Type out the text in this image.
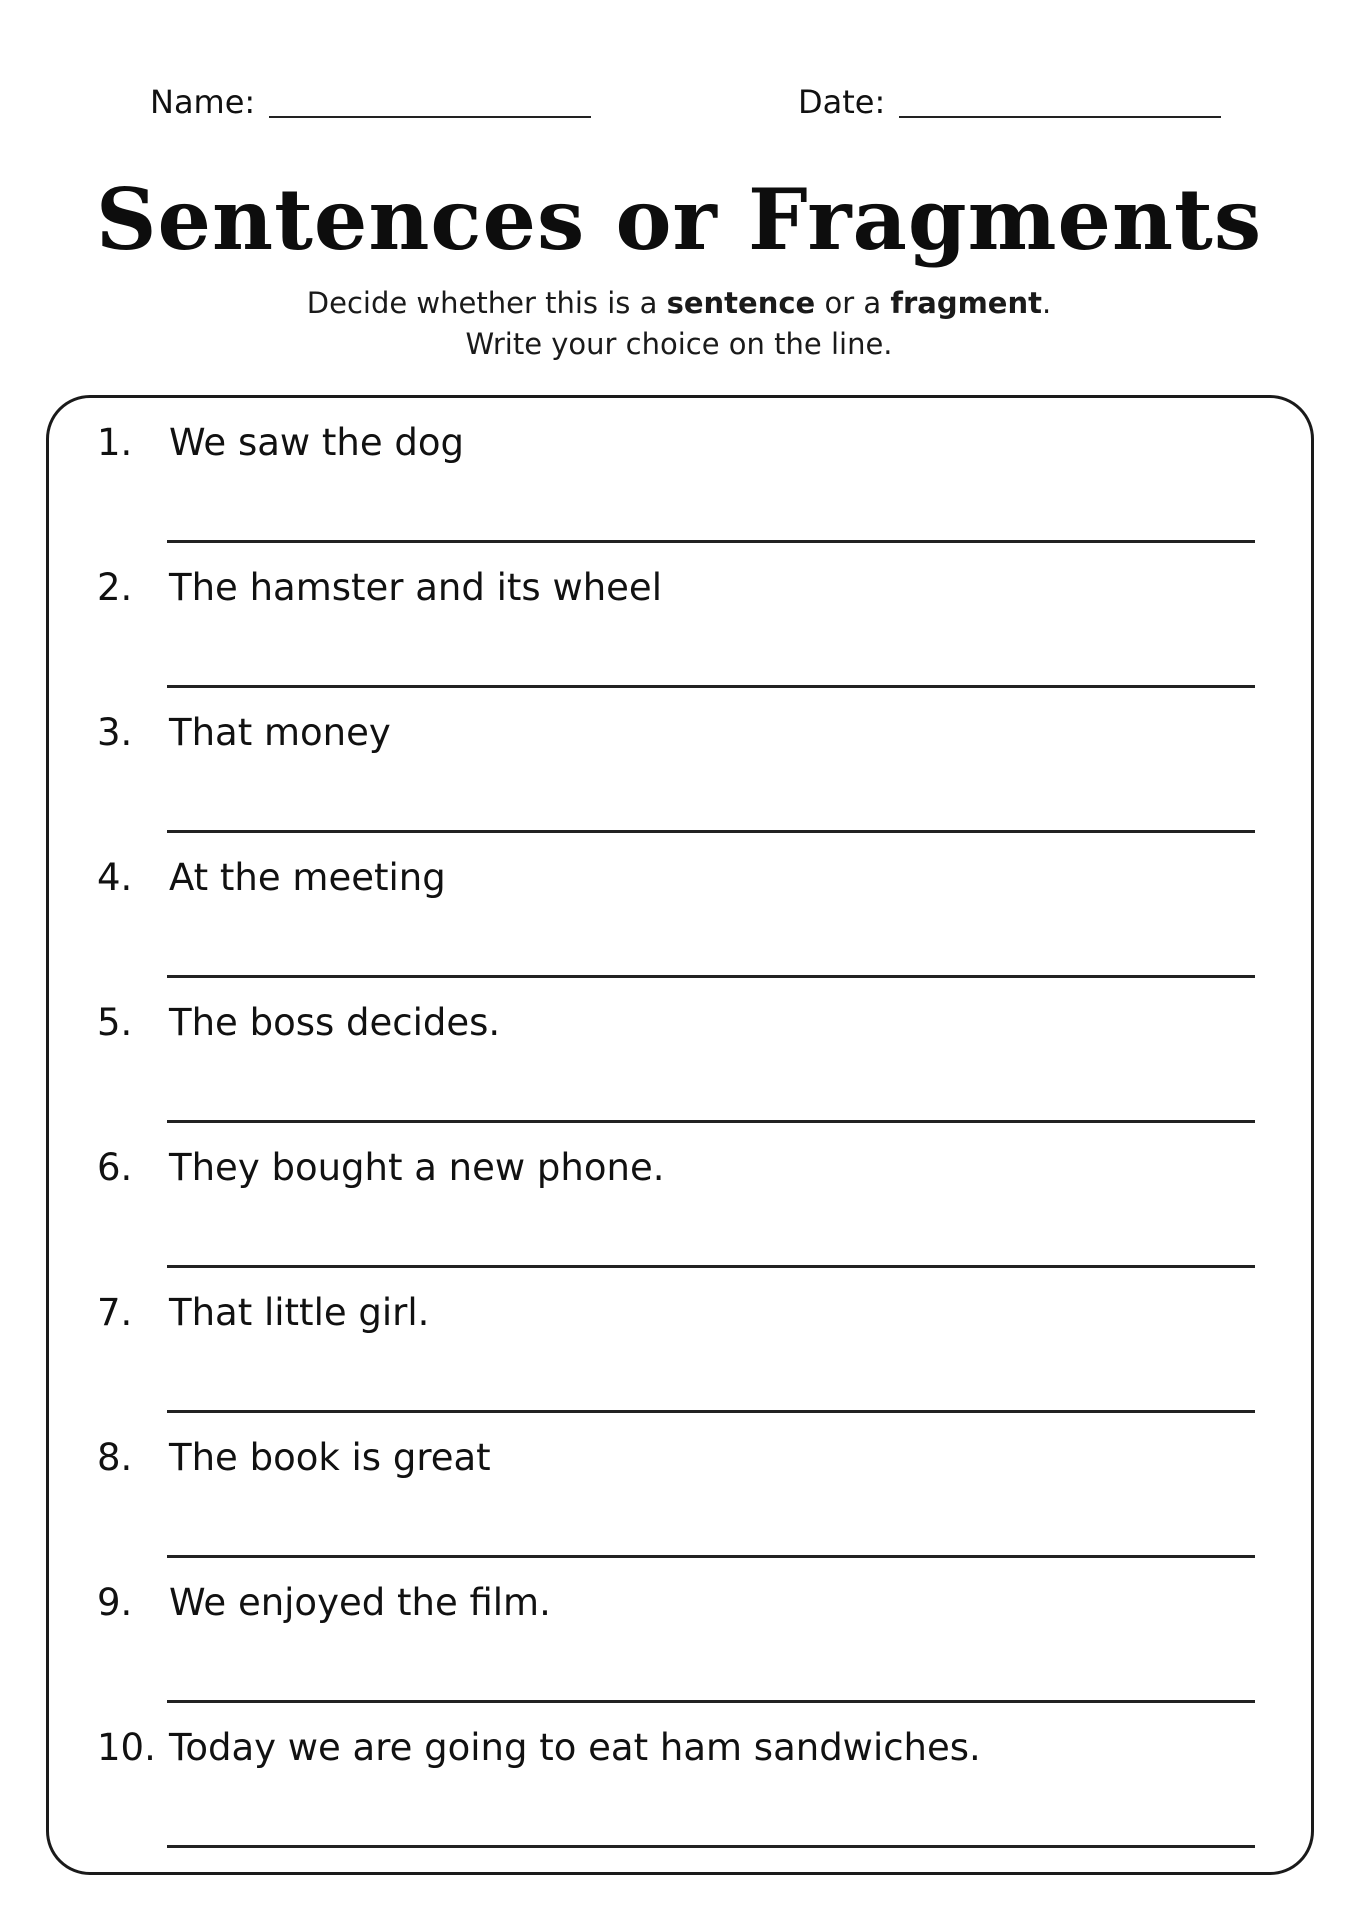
Name:	Date:
Sentences or Fragments
Decide whether this is a sentence or a fragment.
Write your choice on the line.
1. We saw the dog
2. The hamster and its wheel
3. That money
4. At the meeting
5. The boss decides.
6. They bought a new phone.
7. That little girl.
8. The book is great
9. We enjoyed the film.
10. Today we are going to eat ham sandwiches.
